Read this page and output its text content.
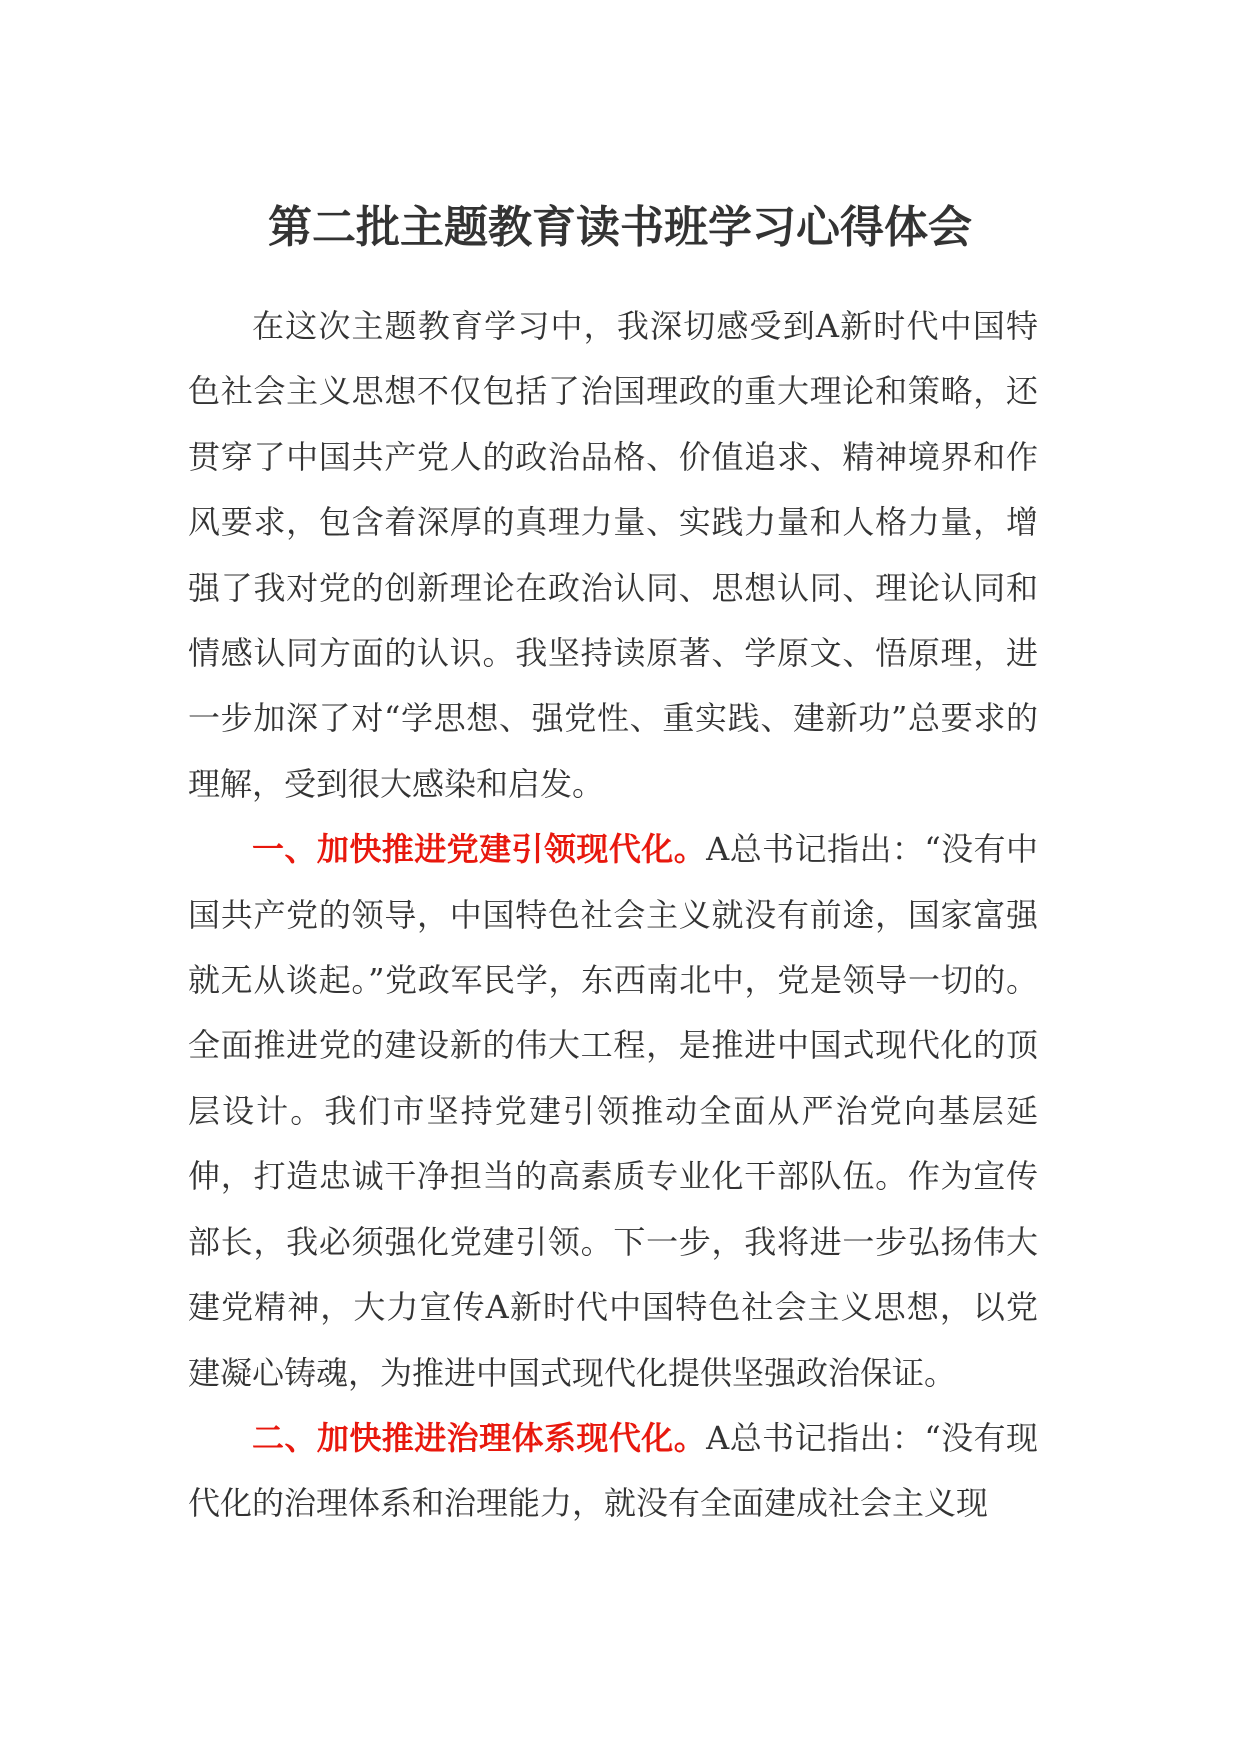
第二批主题教育读书班学习心得体会

在这次主题教育学习中，我深切感受到A新时代中国特色社会主义思想不仅包括了治国理政的重大理论和策略，还贯穿了中国共产党人的政治品格、价值追求、精神境界和作风要求，包含着深厚的真理力量、实践力量和人格力量，增强了我对党的创新理论在政治认同、思想认同、理论认同和情感认同方面的认识。我坚持读原著、学原文、悟原理，进一步加深了对“学思想、强党性、重实践、建新功”总要求的理解，受到很大感染和启发。

一、加快推进党建引领现代化。A总书记指出：“没有中国共产党的领导，中国特色社会主义就没有前途，国家富强就无从谈起。”党政军民学，东西南北中，党是领导一切的。全面推进党的建设新的伟大工程，是推进中国式现代化的顶层设计。我们市坚持党建引领推动全面从严治党向基层延伸，打造忠诚干净担当的高素质专业化干部队伍。作为宣传部长，我必须强化党建引领。下一步，我将进一步弘扬伟大建党精神，大力宣传A新时代中国特色社会主义思想，以党建凝心铸魂，为推进中国式现代化提供坚强政治保证。

二、加快推进治理体系现代化。A总书记指出：“没有现代化的治理体系和治理能力，就没有全面建成社会主义现
